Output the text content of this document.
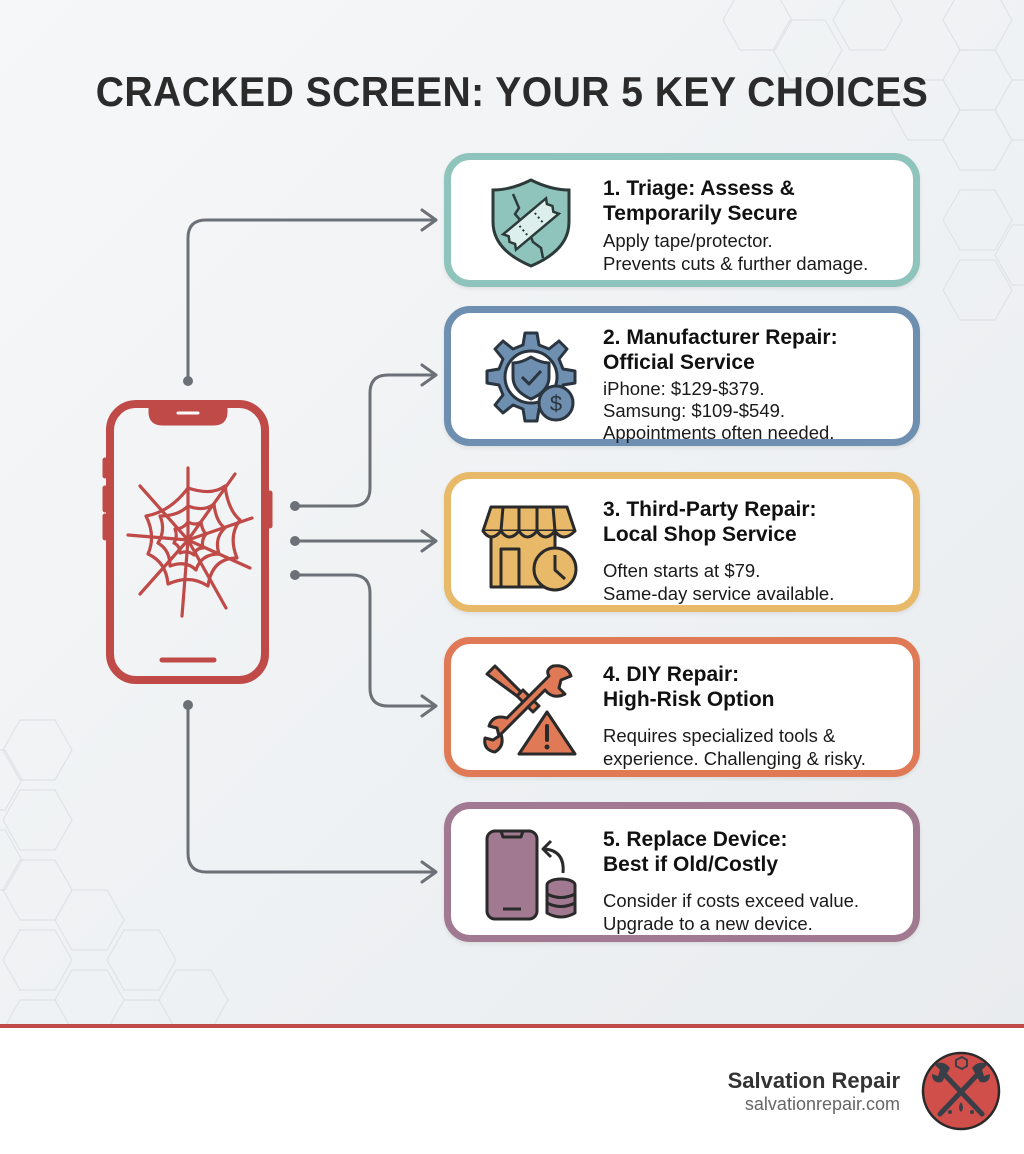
CRACKED SCREEN: YOUR 5 KEY CHOICES
1. Triage: Assess &
Temporarily Secure
Apply tape/protector.
Prevents cuts & further damage.
$
2. Manufacturer Repair:
Official Service
iPhone: $129-$379.
Samsung: $109-$549.
Appointments often needed.
3. Third-Party Repair:
Local Shop Service
Often starts at $79.
Same-day service available.
4. DIY Repair:
High-Risk Option
Requires specialized tools &
experience. Challenging & risky.
5. Replace Device:
Best if Old/Costly
Consider if costs exceed value.
Upgrade to a new device.
Salvation Repair
salvationrepair.com
